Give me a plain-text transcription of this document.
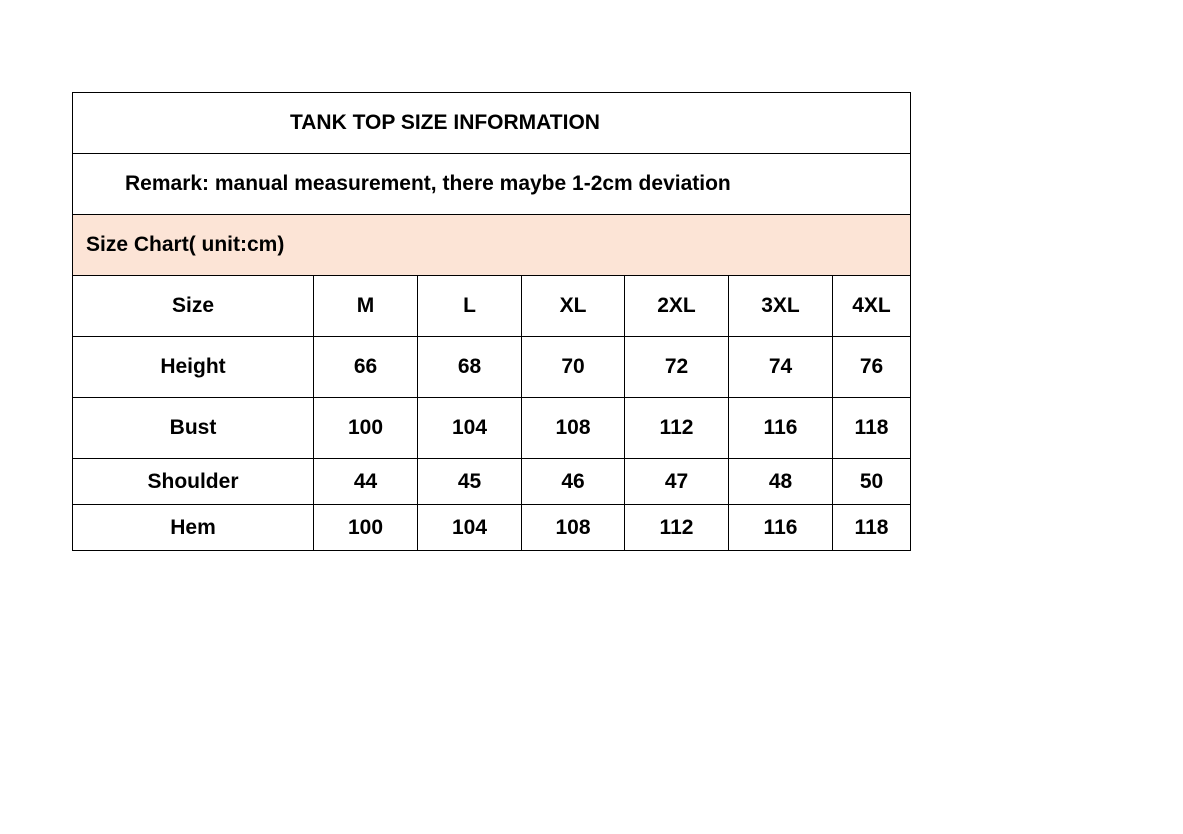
TANK TOP SIZE INFORMATION						
Remark: manual measurement, there maybe 1-2cm deviation						
Size Chart( unit:cm)						
Size	M	L	XL	2XL	3XL	4XL
Height	66	68	70	72	74	76
Bust	100	104	108	112	116	118
Shoulder	44	45	46	47	48	50
Hem	100	104	108	112	116	118
